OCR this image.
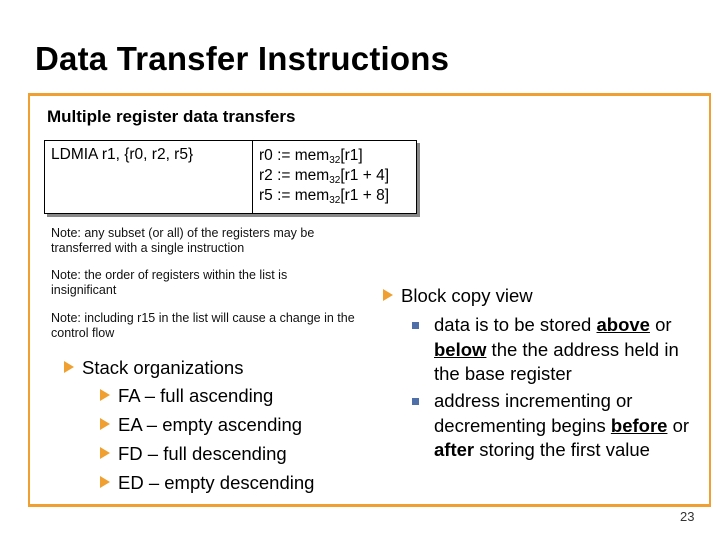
Data Transfer Instructions
23
Multiple register data transfers
LDMIA r1, {r0, r2, r5}	r0 := mem$_{32}$[r1]
r2 := mem$_{32}$[r1 + 4]
r5 := mem$_{32}$[r1 + 8]
Note: any subset (or all) of the registers may be transferred with a single instruction
Note: the order of registers within the list is insignificant
Note: including r15 in the list will cause a change in the control flow
Stack organizations
FA – full ascending
EA – empty ascending
FD – full descending
ED – empty descending
Block copy view
data is to be stored above or below the the address held in the base register
address incrementing or decrementing begins before or after storing the first value
